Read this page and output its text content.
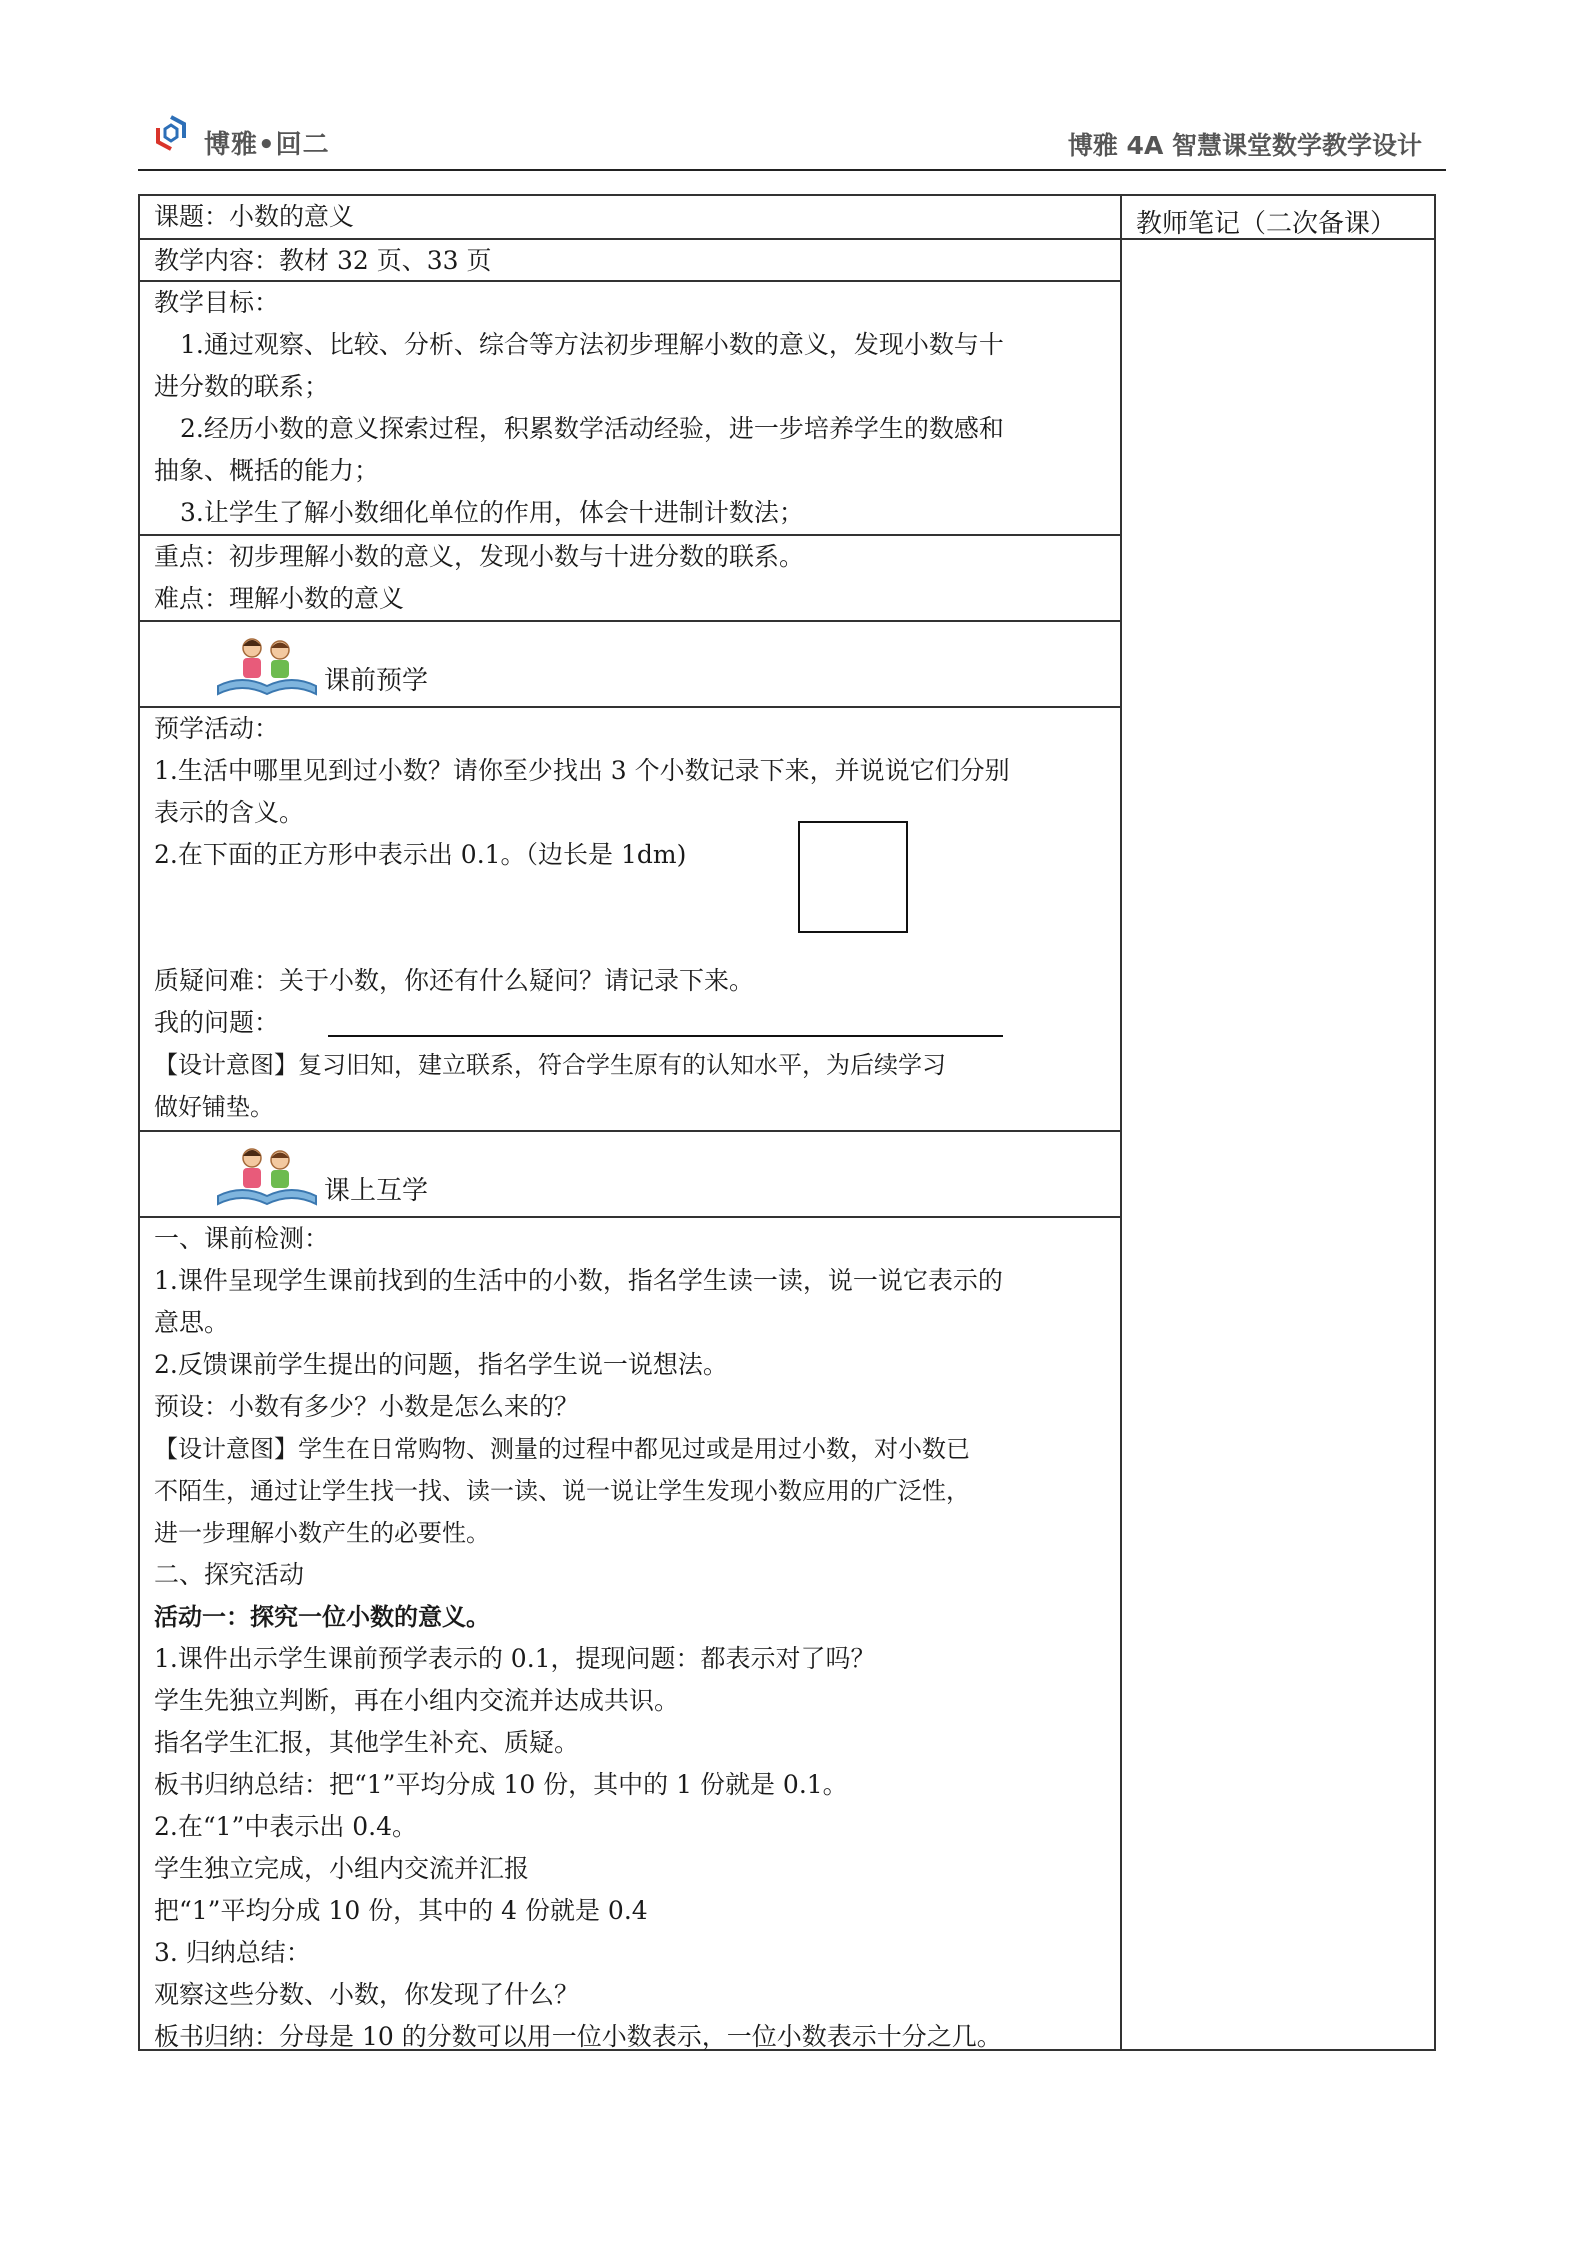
博雅•回二	博雅 4A 智慧课堂数学教学设计
教师笔记（二次备课）
课题：小数的意义
教学内容：教材 32 页、33 页
教学目标：
1.通过观察、比较、分析、综合等方法初步理解小数的意义，发现小数与十
进分数的联系；
2.经历小数的意义探索过程，积累数学活动经验，进一步培养学生的数感和
抽象、概括的能力；
3.让学生了解小数细化单位的作用，体会十进制计数法；
重点：初步理解小数的意义，发现小数与十进分数的联系。
难点：理解小数的意义
课前预学
预学活动：
1.生活中哪里见到过小数？请你至少找出 3 个小数记录下来，并说说它们分别
表示的含义。
2.在下面的正方形中表示出 0.1。（边长是 1dm)
质疑问难：关于小数，你还有什么疑问？请记录下来。
我的问题：
【设计意图】复习旧知，建立联系，符合学生原有的认知水平，为后续学习
做好铺垫。
课上互学
一、课前检测：
1.课件呈现学生课前找到的生活中的小数，指名学生读一读，说一说它表示的
意思。
2.反馈课前学生提出的问题，指名学生说一说想法。
预设：小数有多少？小数是怎么来的？
【设计意图】学生在日常购物、测量的过程中都见过或是用过小数，对小数已
不陌生，通过让学生找一找、读一读、说一说让学生发现小数应用的广泛性，
进一步理解小数产生的必要性。
二、探究活动
活动一：探究一位小数的意义。
1.课件出示学生课前预学表示的 0.1，提现问题：都表示对了吗？
学生先独立判断，再在小组内交流并达成共识。
指名学生汇报，其他学生补充、质疑。
板书归纳总结：把“1”平均分成 10 份，其中的 1 份就是 0.1。
2.在“1”中表示出 0.4。
学生独立完成，小组内交流并汇报
把“1”平均分成 10 份，其中的 4 份就是 0.4
3. 归纳总结：
观察这些分数、小数，你发现了什么？
板书归纳：分母是 10 的分数可以用一位小数表示，一位小数表示十分之几。
